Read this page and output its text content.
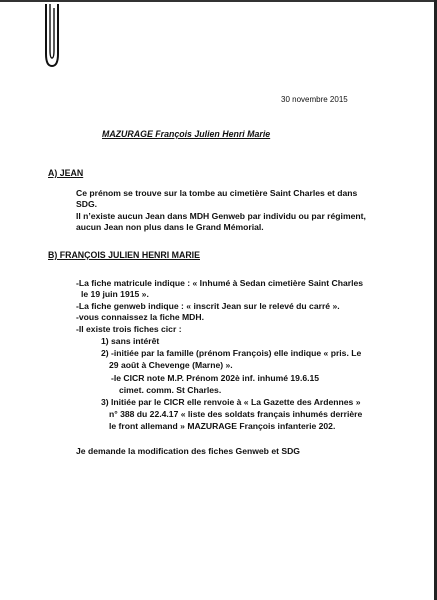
30 novembre 2015
MAZURAGE François Julien Henri Marie
A) JEAN
Ce prénom se trouve sur la tombe au cimetière Saint Charles et dans
SDG.
Il n’existe aucun Jean dans MDH Genweb par individu ou par régiment,
aucun Jean non plus dans le Grand Mémorial.
B) FRANÇOIS JULIEN HENRI MARIE
-La fiche matricule indique : « Inhumé à Sedan cimetière Saint Charles
le 19 juin 1915 ».
-La fiche genweb indique : « inscrit Jean sur le relevé du carré ».
-vous connaissez la fiche MDH.
-Il existe trois fiches cicr :
1) sans intérêt
2) -initiée par la famille (prénom François) elle indique « pris. Le
29 août à Chevenge (Marne) ».
-le CICR note M.P. Prénom 202è inf. inhumé 19.6.15
cimet. comm. St Charles.
3) Initiée par le CICR elle renvoie à « La Gazette des Ardennes »
n° 388 du 22.4.17 « liste des soldats français inhumés derrière
le front allemand » MAZURAGE François infanterie 202.
Je demande la modification des fiches Genweb et SDG
